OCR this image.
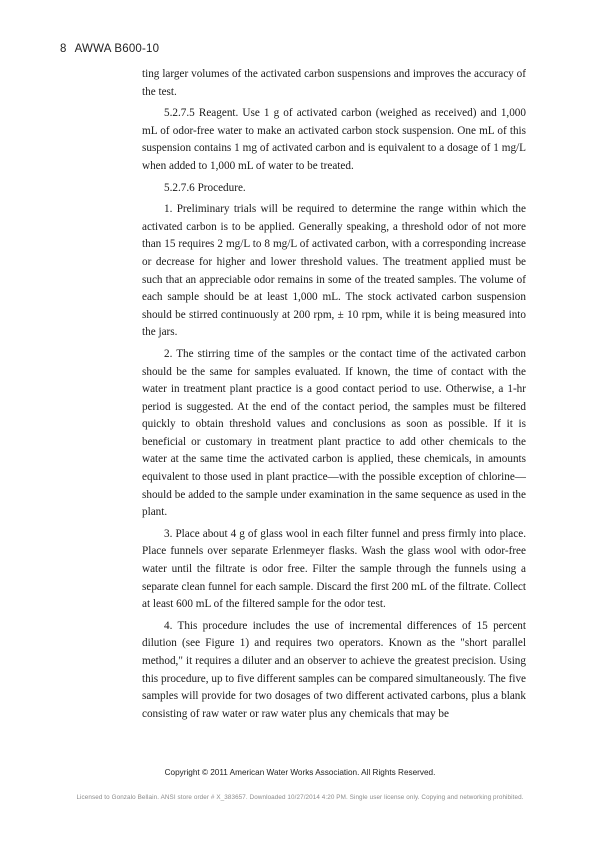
8 AWWA B600-10

ting larger volumes of the activated carbon suspensions and improves the accuracy of the test.

5.2.7.5 Reagent. Use 1 g of activated carbon (weighed as received) and 1,000 mL of odor-free water to make an activated carbon stock suspension. One mL of this suspension contains 1 mg of activated carbon and is equivalent to a dosage of 1 mg/L when added to 1,000 mL of water to be treated.

5.2.7.6 Procedure.

1. Preliminary trials will be required to determine the range within which the activated carbon is to be applied. Generally speaking, a threshold odor of not more than 15 requires 2 mg/L to 8 mg/L of activated carbon, with a corresponding increase or decrease for higher and lower threshold values. The treatment applied must be such that an appreciable odor remains in some of the treated samples. The volume of each sample should be at least 1,000 mL. The stock activated carbon suspension should be stirred continuously at 200 rpm, ± 10 rpm, while it is being measured into the jars.

2. The stirring time of the samples or the contact time of the activated carbon should be the same for samples evaluated. If known, the time of contact with the water in treatment plant practice is a good contact period to use. Otherwise, a 1-hr period is suggested. At the end of the contact period, the samples must be filtered quickly to obtain threshold values and conclusions as soon as possible. If it is beneficial or customary in treatment plant practice to add other chemicals to the water at the same time the activated carbon is applied, these chemicals, in amounts equivalent to those used in plant practice—with the possible exception of chlorine—should be added to the sample under examination in the same sequence as used in the plant.

3. Place about 4 g of glass wool in each filter funnel and press firmly into place. Place funnels over separate Erlenmeyer flasks. Wash the glass wool with odor-free water until the filtrate is odor free. Filter the sample through the funnels using a separate clean funnel for each sample. Discard the first 200 mL of the filtrate. Collect at least 600 mL of the filtered sample for the odor test.

4. This procedure includes the use of incremental differences of 15 percent dilution (see Figure 1) and requires two operators. Known as the "short parallel method," it requires a diluter and an observer to achieve the greatest precision. Using this procedure, up to five different samples can be compared simultaneously. The five samples will provide for two dosages of two different activated carbons, plus a blank consisting of raw water or raw water plus any chemicals that may be

Copyright © 2011 American Water Works Association. All Rights Reserved.
Licensed to Gonzalo Bellain. ANSI store order # X_383657. Downloaded 10/27/2014 4:20 PM. Single user license only. Copying and networking prohibited.
